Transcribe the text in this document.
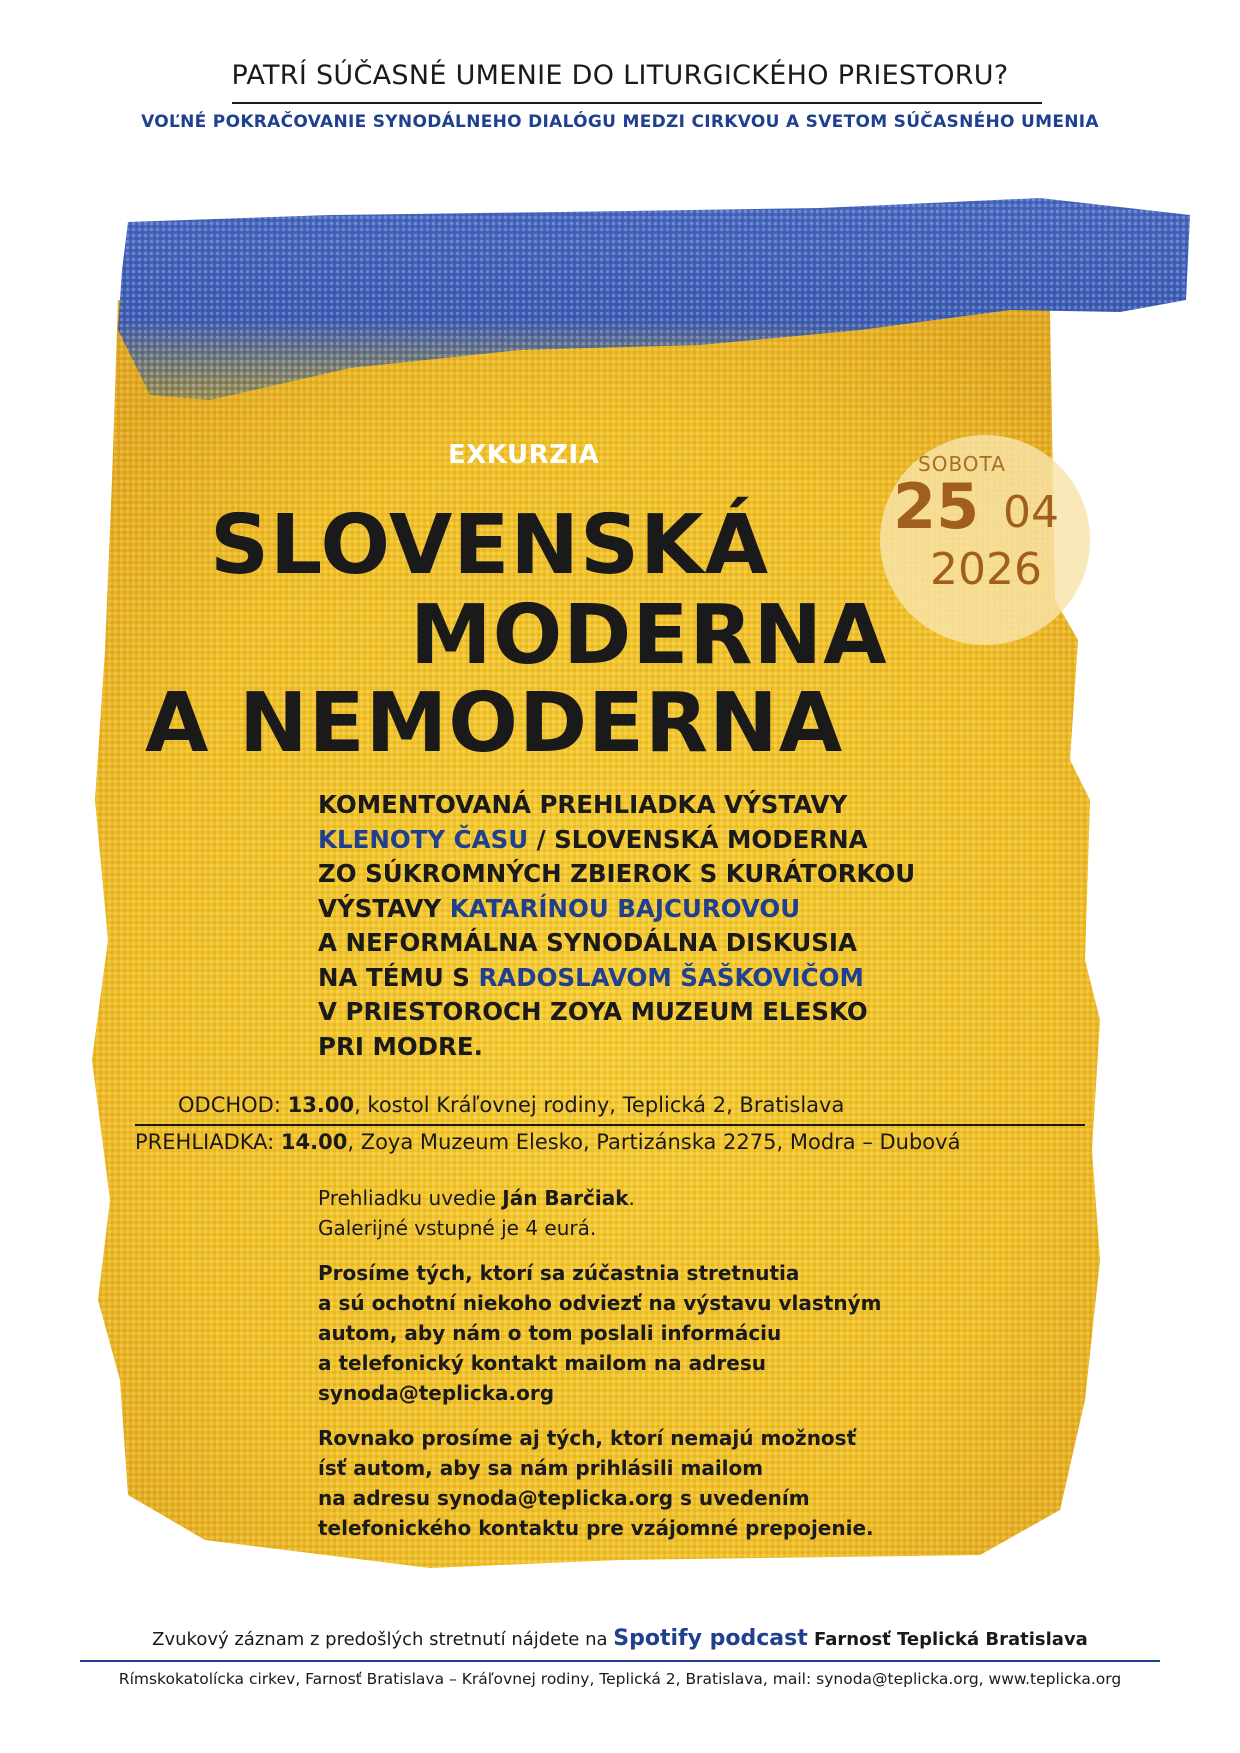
PATRÍ SÚČASNÉ UMENIE DO LITURGICKÉHO PRIESTORU?
VOĽNÉ POKRAČOVANIE SYNODÁLNEHO DIALÓGU MEDZI CIRKVOU A SVETOM SÚČASNÉHO UMENIA
EXKURZIA
SLOVENSKÁ
MODERNA
A NEMODERNA
SOBOTA
25 04
2026
KOMENTOVANÁ PREHLIADKA VÝSTAVY
KLENOTY ČASU / SLOVENSKÁ MODERNA
ZO SÚKROMNÝCH ZBIEROK S KURÁTORKOU
VÝSTAVY KATARÍNOU BAJCUROVOU
A NEFORMÁLNA SYNODÁLNA DISKUSIA
NA TÉMU S RADOSLAVOM ŠAŠKOVIČOM
V PRIESTOROCH ZOYA MUZEUM ELESKO
PRI MODRE.
ODCHOD: 13.00, kostol Kráľovnej rodiny, Teplická 2, Bratislava
PREHLIADKA: 14.00, Zoya Muzeum Elesko, Partizánska 2275, Modra – Dubová
Prehliadku uvedie Ján Barčiak.
Galerijné vstupné je 4 eurá.
Prosíme tých, ktorí sa zúčastnia stretnutia
a sú ochotní niekoho odviezť na výstavu vlastným
autom, aby nám o tom poslali informáciu
a telefonický kontakt mailom na adresu
synoda@teplicka.org
Rovnako prosíme aj tých, ktorí nemajú možnosť
ísť autom, aby sa nám prihlásili mailom
na adresu synoda@teplicka.org s uvedením
telefonického kontaktu pre vzájomné prepojenie.
Zvukový záznam z predošlých stretnutí nájdete na Spotify podcast Farnosť Teplická Bratislava
Rímskokatolícka cirkev, Farnosť Bratislava – Kráľovnej rodiny, Teplická 2, Bratislava, mail: synoda@teplicka.org, www.teplicka.org
